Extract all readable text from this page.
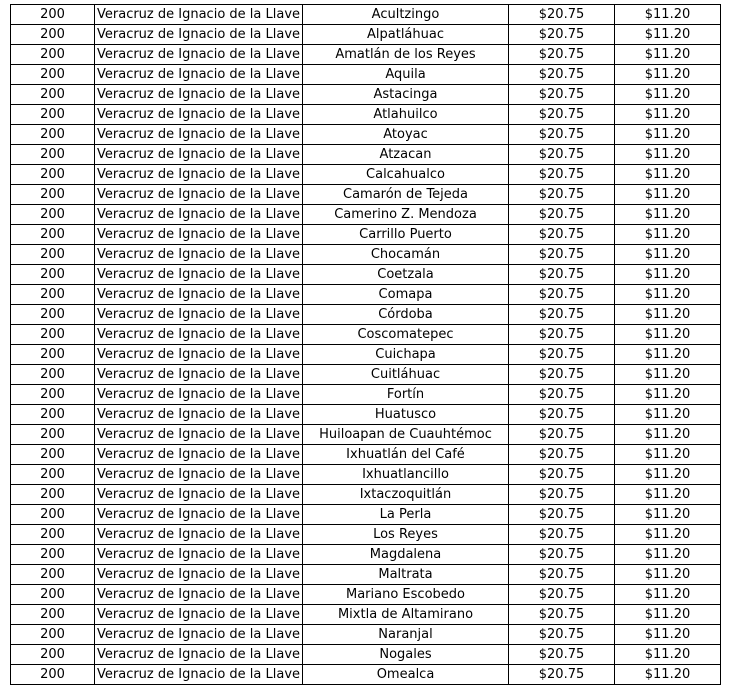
200	Veracruz de Ignacio de la Llave	Acultzingo	$20.75	$11.20
200	Veracruz de Ignacio de la Llave	Alpatláhuac	$20.75	$11.20
200	Veracruz de Ignacio de la Llave	Amatlán de los Reyes	$20.75	$11.20
200	Veracruz de Ignacio de la Llave	Aquila	$20.75	$11.20
200	Veracruz de Ignacio de la Llave	Astacinga	$20.75	$11.20
200	Veracruz de Ignacio de la Llave	Atlahuilco	$20.75	$11.20
200	Veracruz de Ignacio de la Llave	Atoyac	$20.75	$11.20
200	Veracruz de Ignacio de la Llave	Atzacan	$20.75	$11.20
200	Veracruz de Ignacio de la Llave	Calcahualco	$20.75	$11.20
200	Veracruz de Ignacio de la Llave	Camarón de Tejeda	$20.75	$11.20
200	Veracruz de Ignacio de la Llave	Camerino Z. Mendoza	$20.75	$11.20
200	Veracruz de Ignacio de la Llave	Carrillo Puerto	$20.75	$11.20
200	Veracruz de Ignacio de la Llave	Chocamán	$20.75	$11.20
200	Veracruz de Ignacio de la Llave	Coetzala	$20.75	$11.20
200	Veracruz de Ignacio de la Llave	Comapa	$20.75	$11.20
200	Veracruz de Ignacio de la Llave	Córdoba	$20.75	$11.20
200	Veracruz de Ignacio de la Llave	Coscomatepec	$20.75	$11.20
200	Veracruz de Ignacio de la Llave	Cuichapa	$20.75	$11.20
200	Veracruz de Ignacio de la Llave	Cuitláhuac	$20.75	$11.20
200	Veracruz de Ignacio de la Llave	Fortín	$20.75	$11.20
200	Veracruz de Ignacio de la Llave	Huatusco	$20.75	$11.20
200	Veracruz de Ignacio de la Llave	Huiloapan de Cuauhtémoc	$20.75	$11.20
200	Veracruz de Ignacio de la Llave	Ixhuatlán del Café	$20.75	$11.20
200	Veracruz de Ignacio de la Llave	Ixhuatlancillo	$20.75	$11.20
200	Veracruz de Ignacio de la Llave	Ixtaczoquitlán	$20.75	$11.20
200	Veracruz de Ignacio de la Llave	La Perla	$20.75	$11.20
200	Veracruz de Ignacio de la Llave	Los Reyes	$20.75	$11.20
200	Veracruz de Ignacio de la Llave	Magdalena	$20.75	$11.20
200	Veracruz de Ignacio de la Llave	Maltrata	$20.75	$11.20
200	Veracruz de Ignacio de la Llave	Mariano Escobedo	$20.75	$11.20
200	Veracruz de Ignacio de la Llave	Mixtla de Altamirano	$20.75	$11.20
200	Veracruz de Ignacio de la Llave	Naranjal	$20.75	$11.20
200	Veracruz de Ignacio de la Llave	Nogales	$20.75	$11.20
200	Veracruz de Ignacio de la Llave	Omealca	$20.75	$11.20
